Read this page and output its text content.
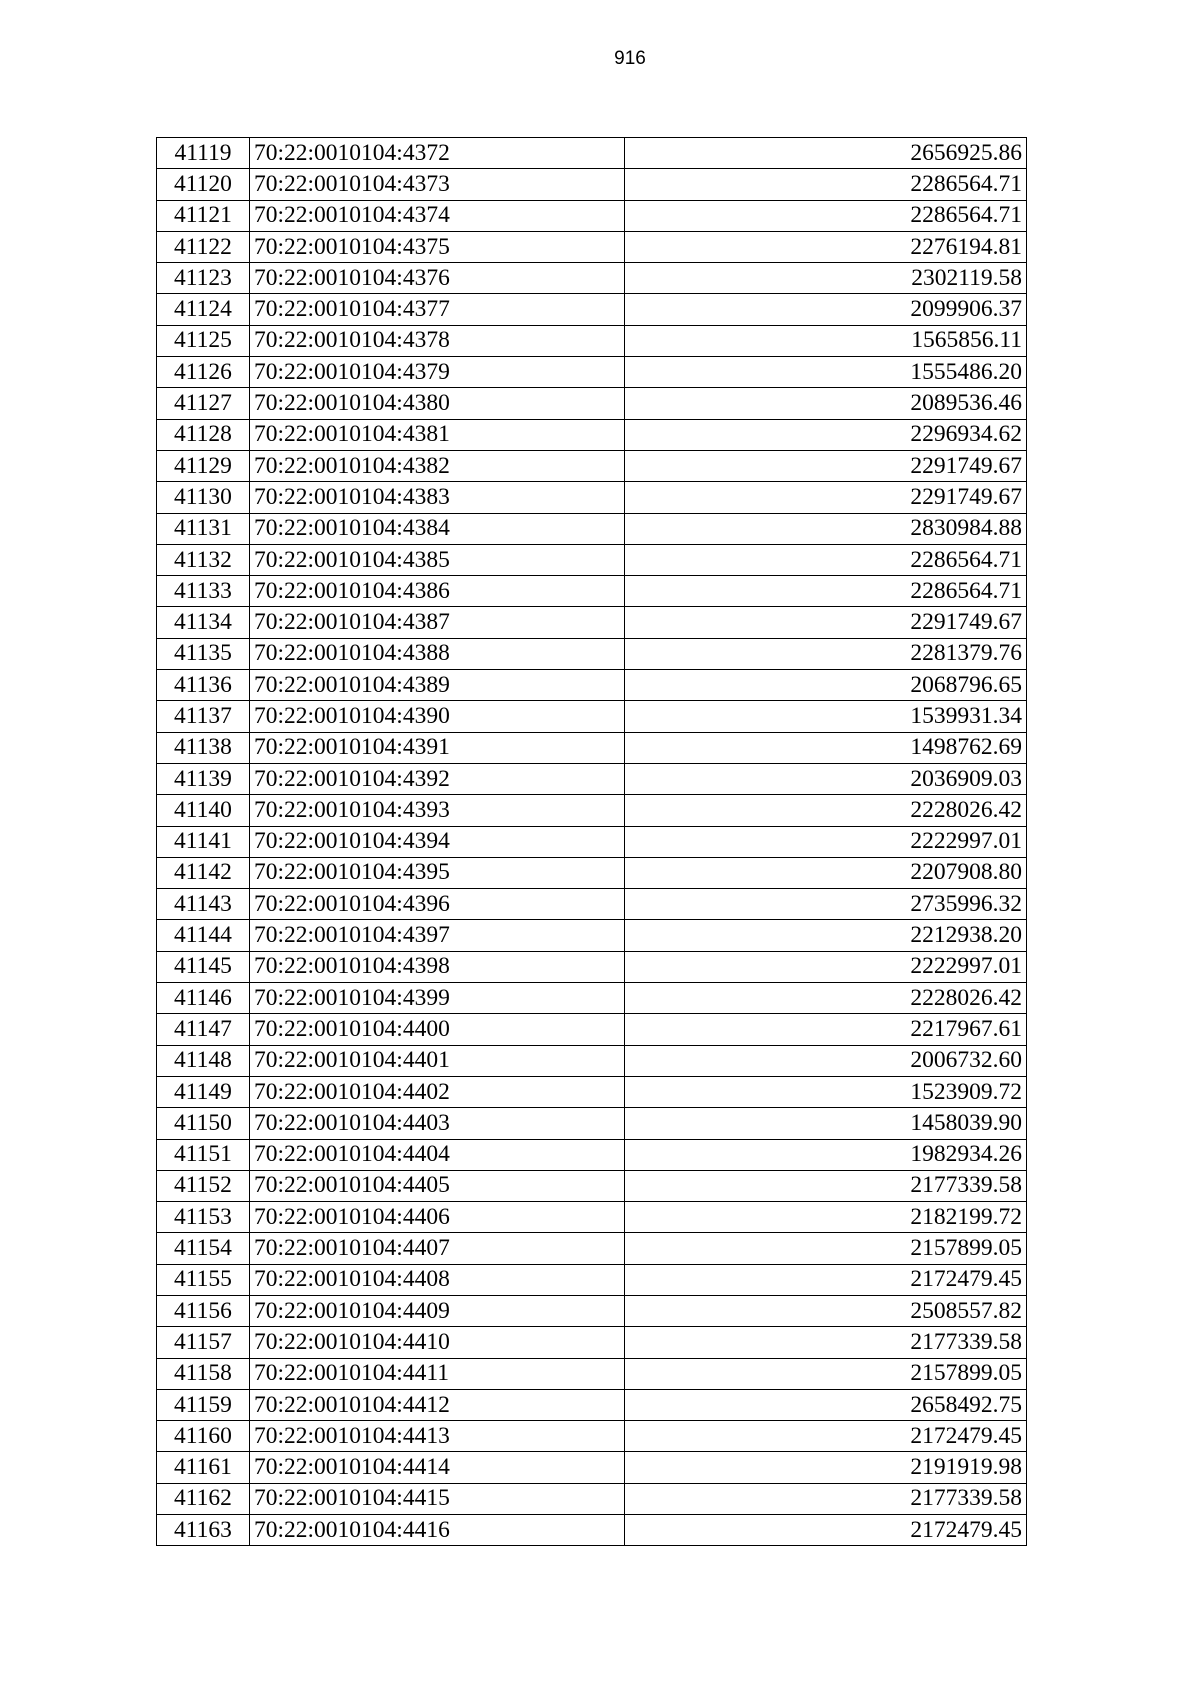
916
41119	70:22:0010104:4372	2656925.86
41120	70:22:0010104:4373	2286564.71
41121	70:22:0010104:4374	2286564.71
41122	70:22:0010104:4375	2276194.81
41123	70:22:0010104:4376	2302119.58
41124	70:22:0010104:4377	2099906.37
41125	70:22:0010104:4378	1565856.11
41126	70:22:0010104:4379	1555486.20
41127	70:22:0010104:4380	2089536.46
41128	70:22:0010104:4381	2296934.62
41129	70:22:0010104:4382	2291749.67
41130	70:22:0010104:4383	2291749.67
41131	70:22:0010104:4384	2830984.88
41132	70:22:0010104:4385	2286564.71
41133	70:22:0010104:4386	2286564.71
41134	70:22:0010104:4387	2291749.67
41135	70:22:0010104:4388	2281379.76
41136	70:22:0010104:4389	2068796.65
41137	70:22:0010104:4390	1539931.34
41138	70:22:0010104:4391	1498762.69
41139	70:22:0010104:4392	2036909.03
41140	70:22:0010104:4393	2228026.42
41141	70:22:0010104:4394	2222997.01
41142	70:22:0010104:4395	2207908.80
41143	70:22:0010104:4396	2735996.32
41144	70:22:0010104:4397	2212938.20
41145	70:22:0010104:4398	2222997.01
41146	70:22:0010104:4399	2228026.42
41147	70:22:0010104:4400	2217967.61
41148	70:22:0010104:4401	2006732.60
41149	70:22:0010104:4402	1523909.72
41150	70:22:0010104:4403	1458039.90
41151	70:22:0010104:4404	1982934.26
41152	70:22:0010104:4405	2177339.58
41153	70:22:0010104:4406	2182199.72
41154	70:22:0010104:4407	2157899.05
41155	70:22:0010104:4408	2172479.45
41156	70:22:0010104:4409	2508557.82
41157	70:22:0010104:4410	2177339.58
41158	70:22:0010104:4411	2157899.05
41159	70:22:0010104:4412	2658492.75
41160	70:22:0010104:4413	2172479.45
41161	70:22:0010104:4414	2191919.98
41162	70:22:0010104:4415	2177339.58
41163	70:22:0010104:4416	2172479.45
